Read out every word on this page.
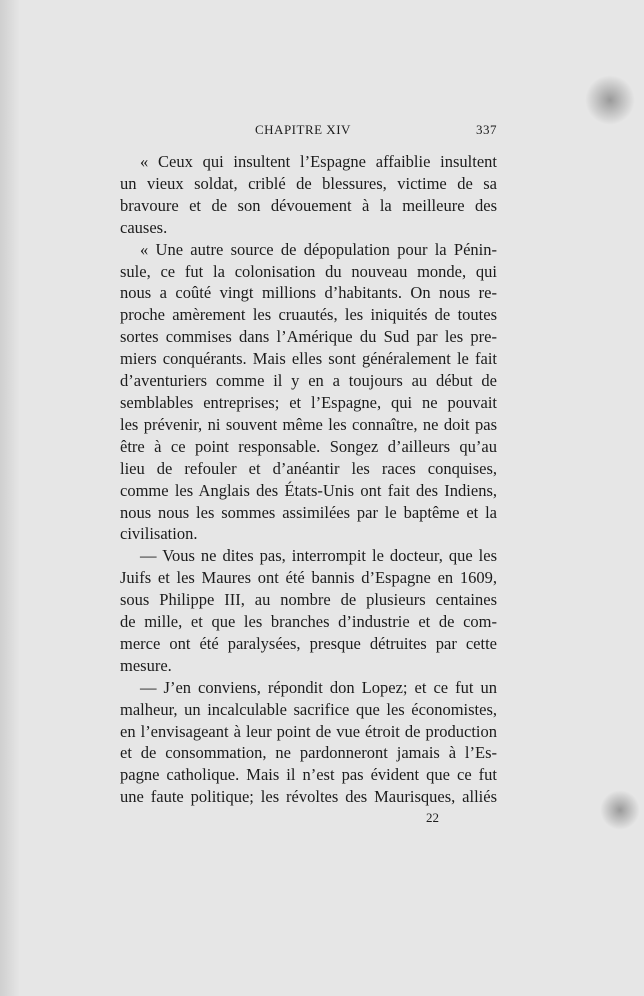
CHAPITRE XIV	337
« Ceux qui insultent l’Espagne affaiblie insultent
un vieux soldat, criblé de blessures, victime de sa
bravoure et de son dévouement à la meilleure des
causes.
« Une autre source de dépopulation pour la Pénin-
sule, ce fut la colonisation du nouveau monde, qui
nous a coûté vingt millions d’habitants. On nous re-
proche amèrement les cruautés, les iniquités de toutes
sortes commises dans l’Amérique du Sud par les pre-
miers conquérants. Mais elles sont généralement le fait
d’aventuriers comme il y en a toujours au début de
semblables entreprises; et l’Espagne, qui ne pouvait
les prévenir, ni souvent même les connaître, ne doit pas
être à ce point responsable. Songez d’ailleurs qu’au
lieu de refouler et d’anéantir les races conquises,
comme les Anglais des États-Unis ont fait des Indiens,
nous nous les sommes assimilées par le baptême et la
civilisation.
— Vous ne dites pas, interrompit le docteur, que les
Juifs et les Maures ont été bannis d’Espagne en 1609,
sous Philippe III, au nombre de plusieurs centaines
de mille, et que les branches d’industrie et de com-
merce ont été paralysées, presque détruites par cette
mesure.
— J’en conviens, répondit don Lopez; et ce fut un
malheur, un incalculable sacrifice que les économistes,
en l’envisageant à leur point de vue étroit de production
et de consommation, ne pardonneront jamais à l’Es-
pagne catholique. Mais il n’est pas évident que ce fut
une faute politique; les révoltes des Maurisques, alliés
22
